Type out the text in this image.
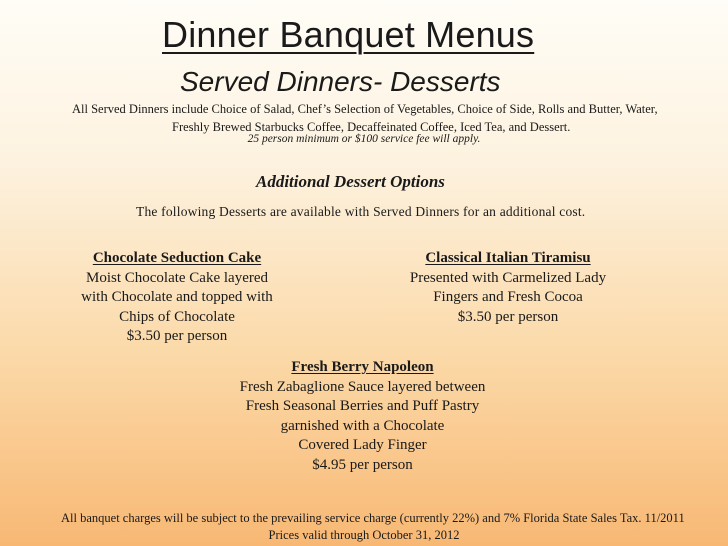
Dinner Banquet Menus
Served Dinners- Desserts
All Served Dinners include Choice of Salad, Chef’s Selection of Vegetables, Choice of Side, Rolls and Butter, Water,
Freshly Brewed Starbucks Coffee, Decaffeinated Coffee, Iced Tea, and Dessert.
25 person minimum or $100 service fee will apply.
Additional Dessert Options
The following Desserts are available with Served Dinners for an additional cost.
Chocolate Seduction Cake
Moist Chocolate Cake layered
with Chocolate and topped with
Chips of Chocolate
$3.50 per person
Classical Italian Tiramisu
Presented with Carmelized Lady
Fingers and Fresh Cocoa
$3.50 per person
Fresh Berry Napoleon
Fresh Zabaglione Sauce layered between
Fresh Seasonal Berries and Puff Pastry
garnished with a Chocolate
Covered Lady Finger
$4.95 per person
All banquet charges will be subject to the prevailing service charge (currently 22%) and 7% Florida State Sales Tax. 11/2011
Prices valid through October 31, 2012
